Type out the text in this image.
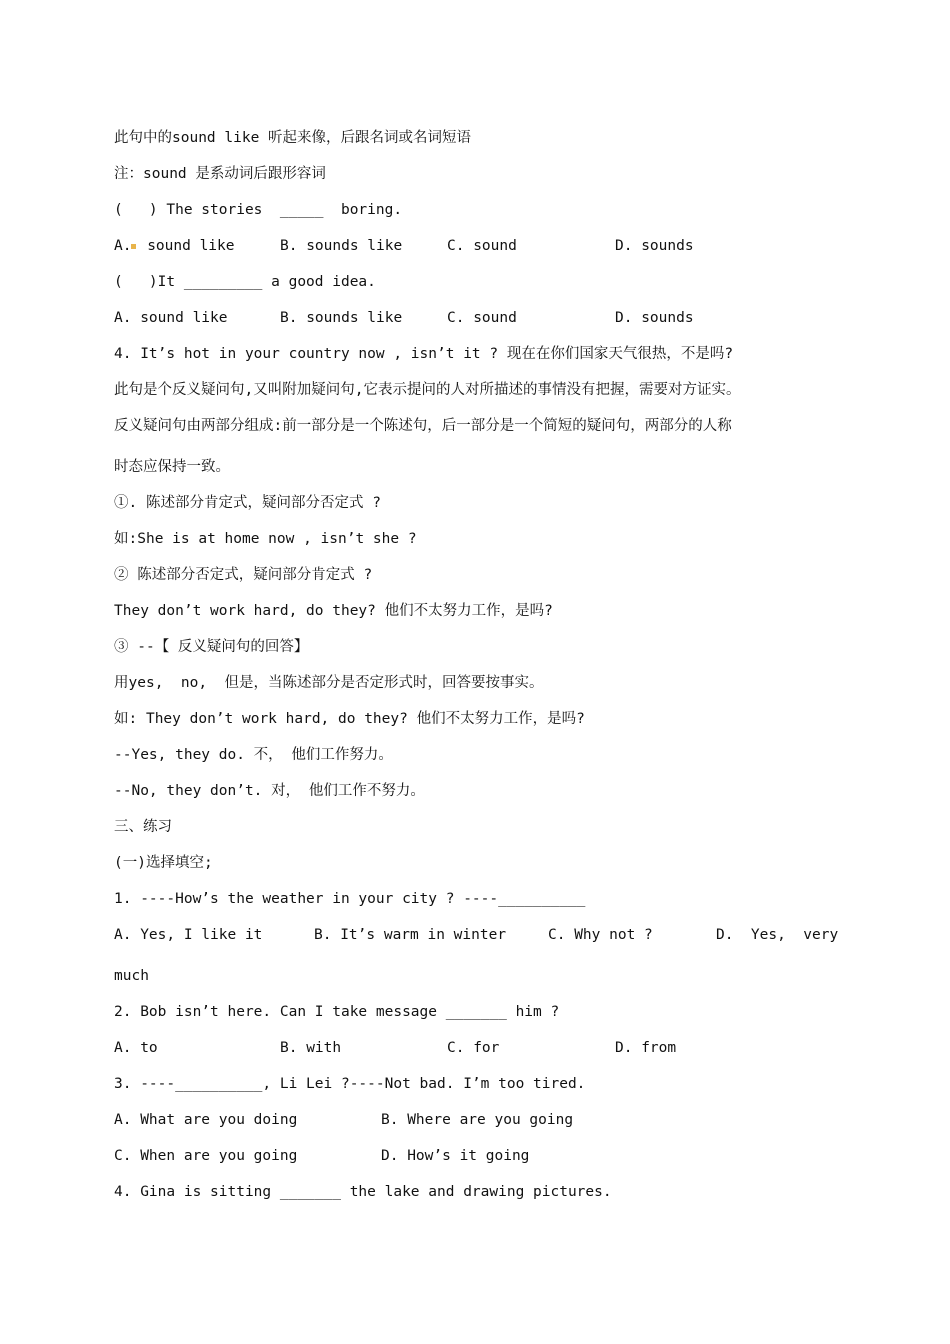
此句中的sound like 听起来像，后跟名词或名词短语
注：sound 是系动词后跟形容词
(   ) The stories  _____  boring.
A. sound like	B. sounds like	C. sound	D. sounds
(   )It _________ a good idea.
A. sound like	B. sounds like	C. sound	D. sounds
4. It’s hot in your country now , isn’t it ? 现在在你们国家天气很热，不是吗?
此句是个反义疑问句,又叫附加疑问句,它表示提问的人对所描述的事情没有把握，需要对方证实。
反义疑问句由两部分组成:前一部分是一个陈述句，后一部分是一个简短的疑问句，两部分的人称
时态应保持一致。
①. 陈述部分肯定式，疑问部分否定式 ?
如:She is at home now , isn’t she ?
② 陈述部分否定式，疑问部分肯定式 ?
They don’t work hard, do they? 他们不太努力工作，是吗?
③ --【 反义疑问句的回答】
用yes,  no,  但是，当陈述部分是否定形式时，回答要按事实。
如: They don’t work hard, do they? 他们不太努力工作，是吗?
--Yes, they do. 不， 他们工作努力。
--No, they don’t. 对， 他们工作不努力。
三、练习
(一)选择填空;
1. ----How’s the weather in your city ? ----__________
A. Yes, I like it	B. It’s warm in winter	C. Why not ?	D.  Yes,  very
much
2. Bob isn’t here. Can I take message _______ him ?
A. to	B. with	C. for	D. from
3. ----__________, Li Lei ?----Not bad. I’m too tired.
A. What are you doing	B. Where are you going
C. When are you going	D. How’s it going
4. Gina is sitting _______ the lake and drawing pictures.
